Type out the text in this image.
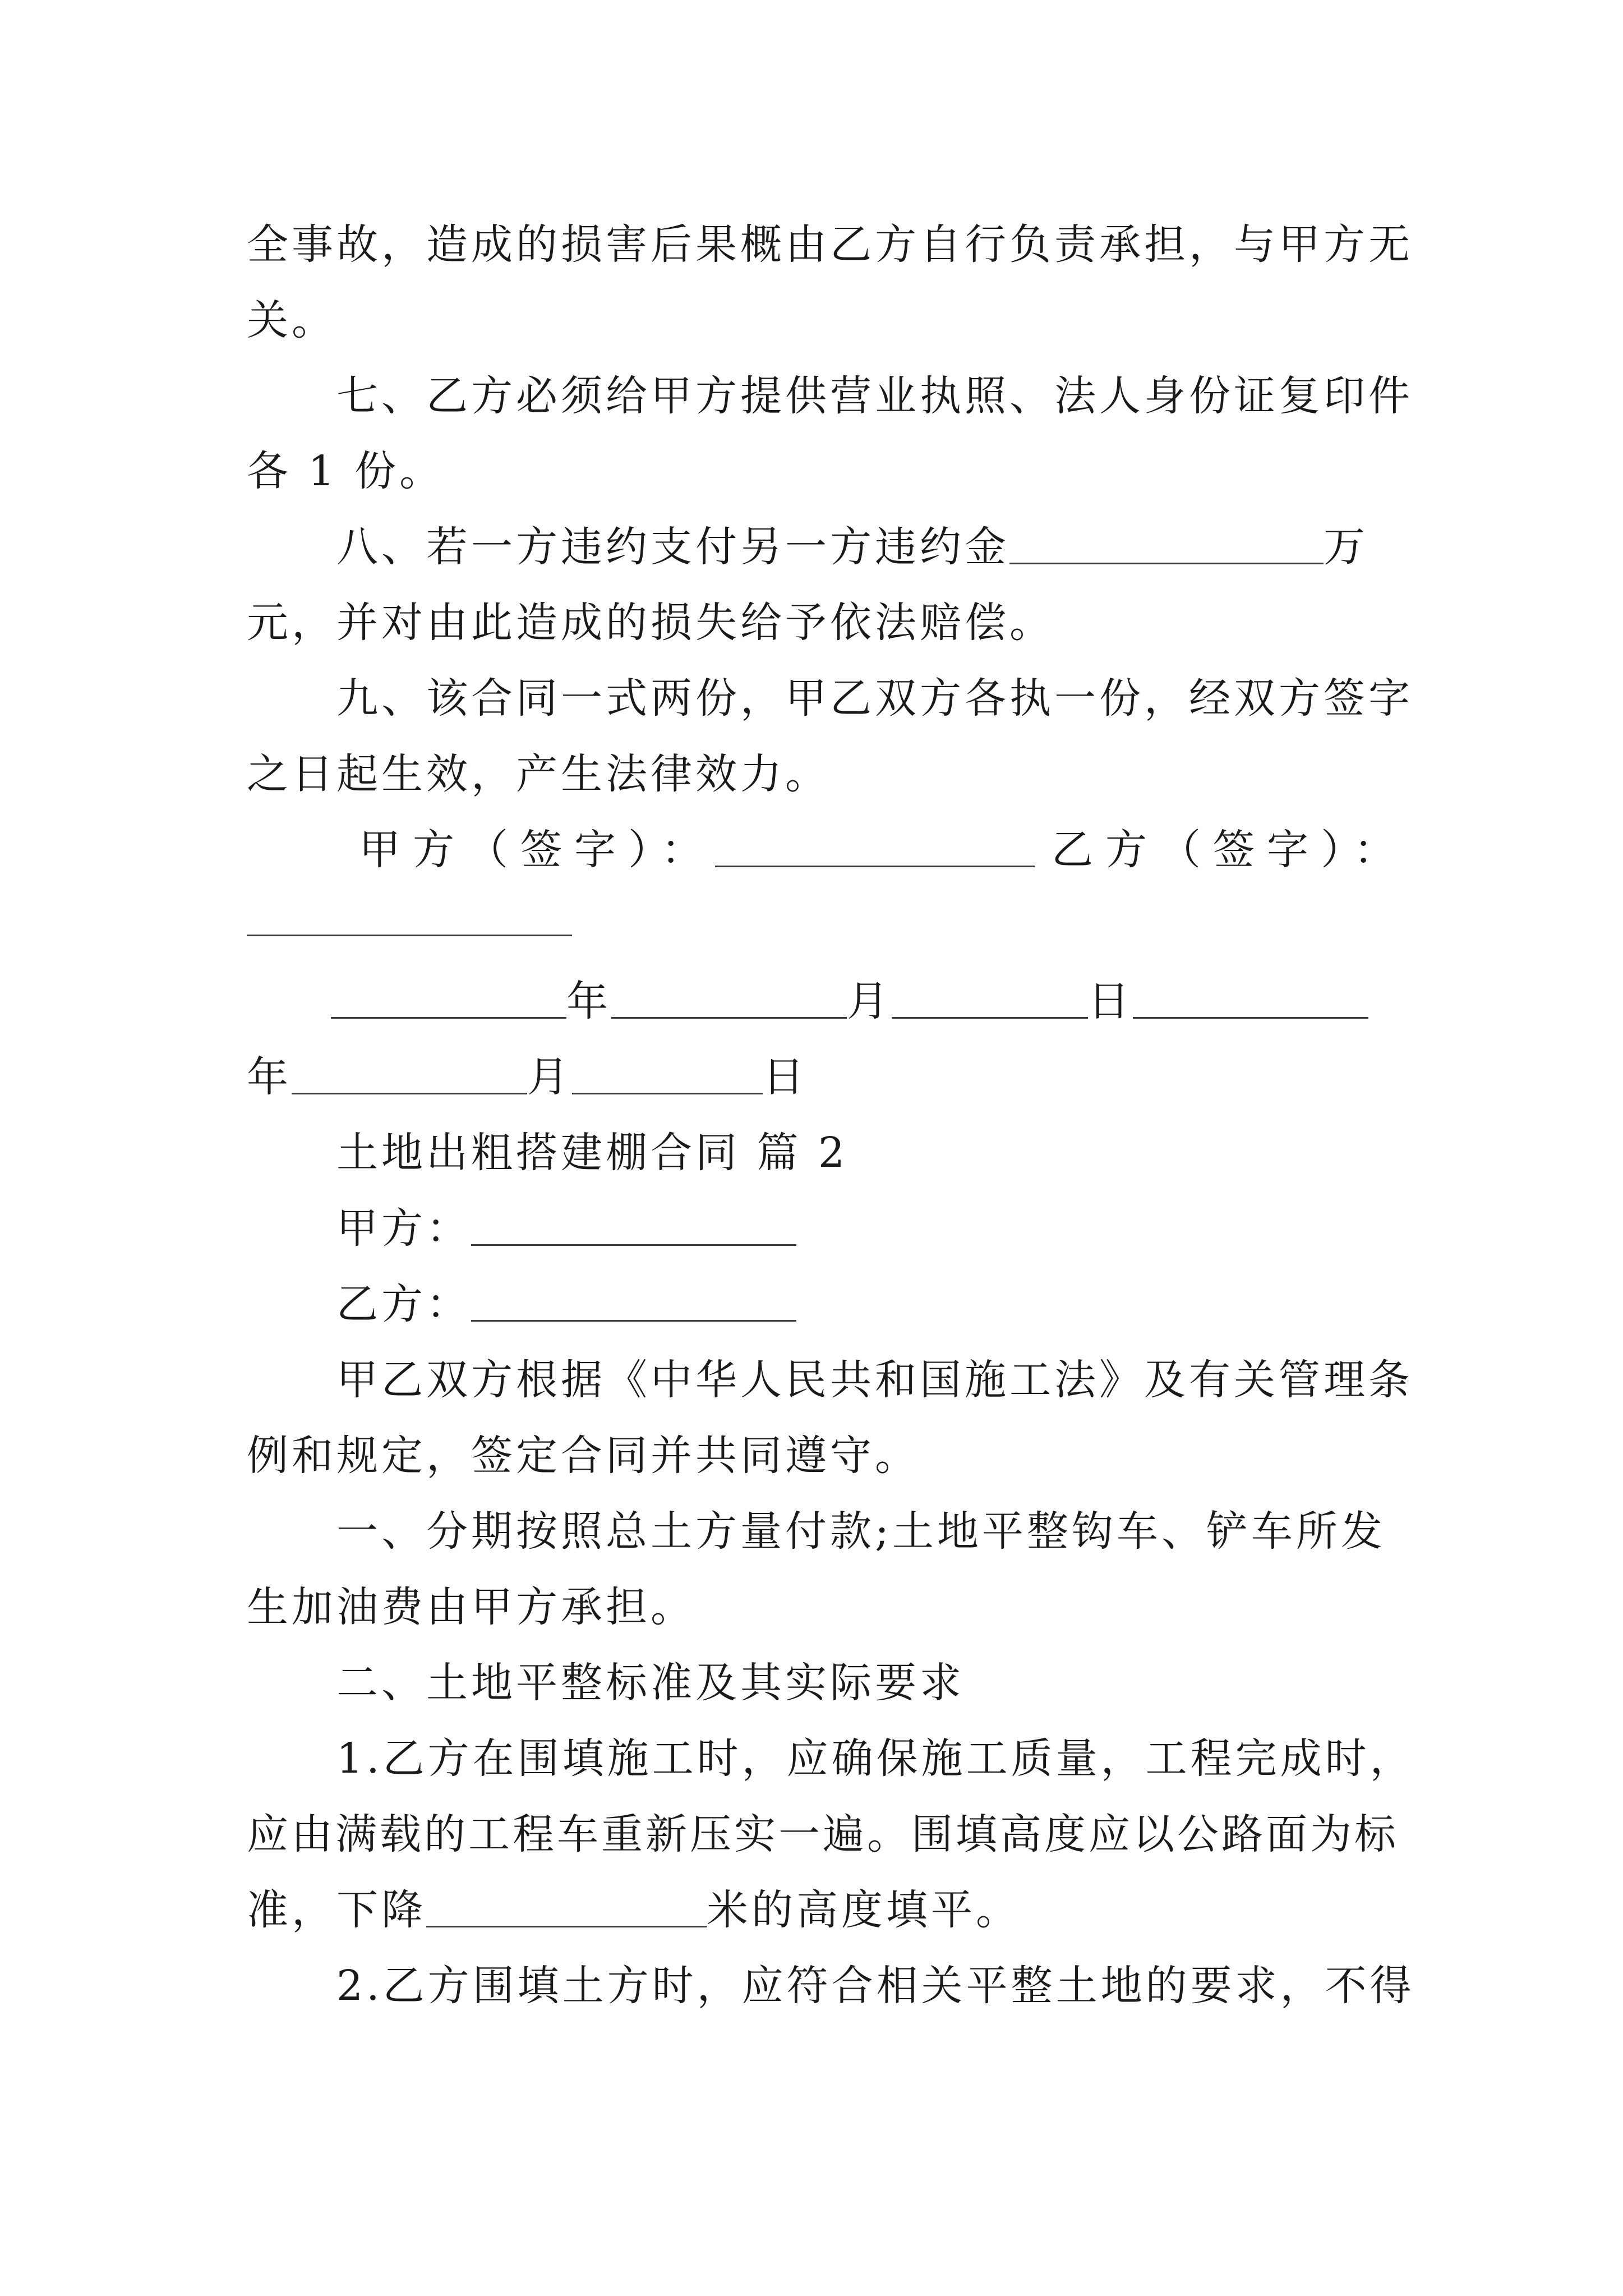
全事故，造成的损害后果概由乙方自行负责承担，与甲方无
关。
七、乙方必须给甲方提供营业执照、法人身份证复印件
各 1 份。
八、若一方违约支付另一方违约金	万
元，并对由此造成的损失给予依法赔偿。
九、该合同一式两份，甲乙双方各执一份，经双方签字
之日起生效，产生法律效力。
甲方（签字）：	乙方（签字）：
年	月	日
年	月	日
土地出粗搭建棚合同 篇 2
甲方：
乙方：
甲乙双方根据《中华人民共和国施工法》及有关管理条
例和规定，签定合同并共同遵守。
一、分期按照总土方量付款;土地平整钩车、铲车所发
生加油费由甲方承担。
二、土地平整标准及其实际要求
1.乙方在围填施工时，应确保施工质量，工程完成时，
应由满载的工程车重新压实一遍。围填高度应以公路面为标
准，下降	米的高度填平。
2.乙方围填土方时，应符合相关平整土地的要求，不得
